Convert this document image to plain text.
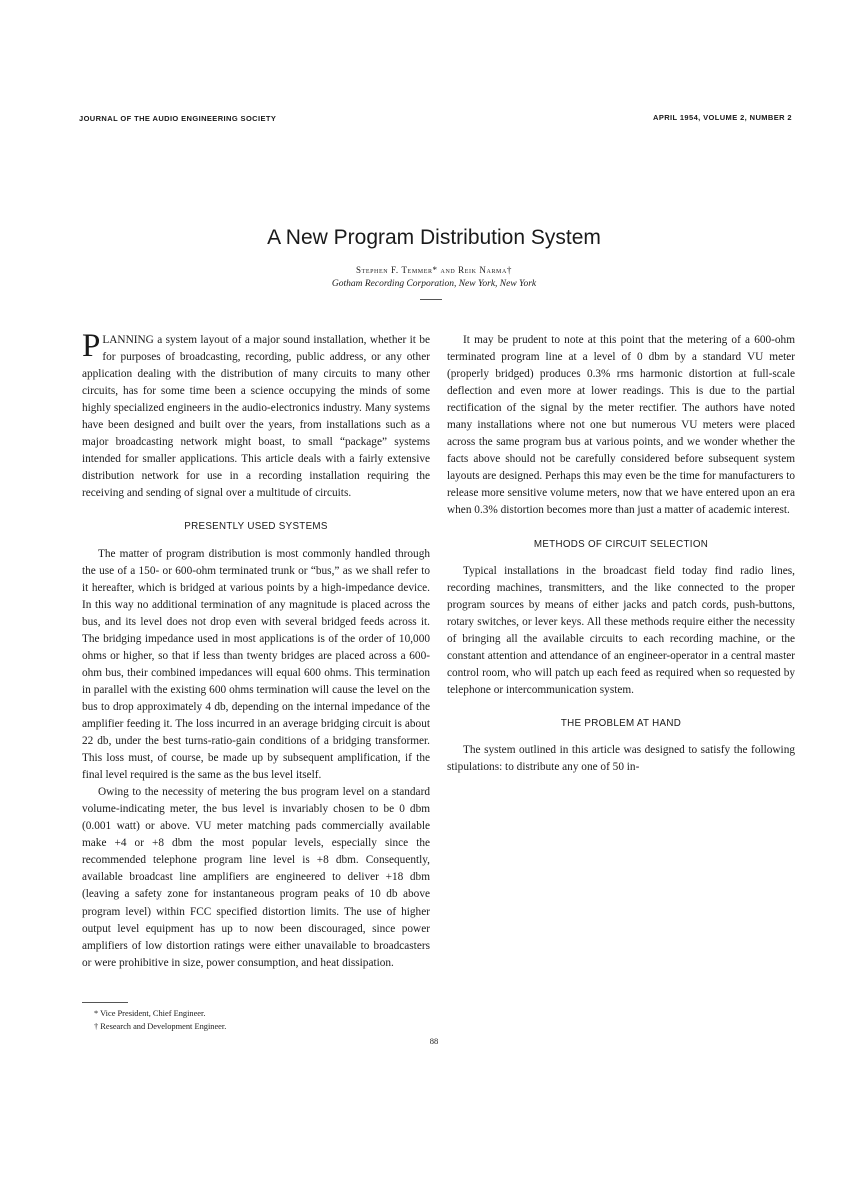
JOURNAL OF THE AUDIO ENGINEERING SOCIETY	APRIL 1954, VOLUME 2, NUMBER 2
A New Program Distribution System
Stephen F. Temmer* and Reik Narma†
Gotham Recording Corporation, New York, New York

PLANNING a system layout of a major sound installation, whether it be for purposes of broadcasting, recording, public address, or any other application dealing with the distribution of many circuits to many other circuits, has for some time been a science occupying the minds of some highly specialized engineers in the audio-electronics industry. Many systems have been designed and built over the years, from installations such as a major broadcasting network might boast, to small “package” systems intended for smaller applications. This article deals with a fairly extensive distribution network for use in a recording installation requiring the receiving and sending of signal over a multitude of circuits.

PRESENTLY USED SYSTEMS

The matter of program distribution is most commonly handled through the use of a 150- or 600-ohm terminated trunk or “bus,” as we shall refer to it hereafter, which is bridged at various points by a high-impedance device. In this way no additional termination of any magnitude is placed across the bus, and its level does not drop even with several bridged feeds across it. The bridging impedance used in most applications is of the order of 10,000 ohms or higher, so that if less than twenty bridges are placed across a 600-ohm bus, their combined impedances will equal 600 ohms. This termination in parallel with the existing 600 ohms termination will cause the level on the bus to drop approximately 4 db, depending on the internal impedance of the amplifier feeding it. The loss incurred in an average bridging circuit is about 22 db, under the best turns-ratio-gain conditions of a bridging transformer. This loss must, of course, be made up by subsequent amplification, if the final level required is the same as the bus level itself.

Owing to the necessity of metering the bus program level on a standard volume-indicating meter, the bus level is invariably chosen to be 0 dbm (0.001 watt) or above. VU meter matching pads commercially available make +4 or +8 dbm the most popular levels, especially since the recommended telephone program line level is +8 dbm. Consequently, available broadcast line amplifiers are engineered to deliver +18 dbm (leaving a safety zone for instantaneous program peaks of 10 db above program level) within FCC specified distortion limits. The use of higher output level equipment has up to now been discouraged, since power amplifiers of low distortion ratings were either unavailable to broadcasters or were prohibitive in size, power consumption, and heat dissipation.

It may be prudent to note at this point that the metering of a 600-ohm terminated program line at a level of 0 dbm by a standard VU meter (properly bridged) produces 0.3% rms harmonic distortion at full-scale deflection and even more at lower readings. This is due to the partial rectification of the signal by the meter rectifier. The authors have noted many installations where not one but numerous VU meters were placed across the same program bus at various points, and we wonder whether the facts above should not be carefully considered before subsequent system layouts are designed. Perhaps this may even be the time for manufacturers to release more sensitive volume meters, now that we have entered upon an era when 0.3% distortion becomes more than just a matter of academic interest.

METHODS OF CIRCUIT SELECTION

Typical installations in the broadcast field today find radio lines, recording machines, transmitters, and the like connected to the proper program sources by means of either jacks and patch cords, push-buttons, rotary switches, or lever keys. All these methods require either the necessity of bringing all the available circuits to each recording machine, or the constant attention and attendance of an engineer-operator in a central master control room, who will patch up each feed as required when so requested by telephone or intercommunication system.

THE PROBLEM AT HAND

The system outlined in this article was designed to satisfy the following stipulations: to distribute any one of 50 in-

* Vice President, Chief Engineer.
† Research and Development Engineer.
88
